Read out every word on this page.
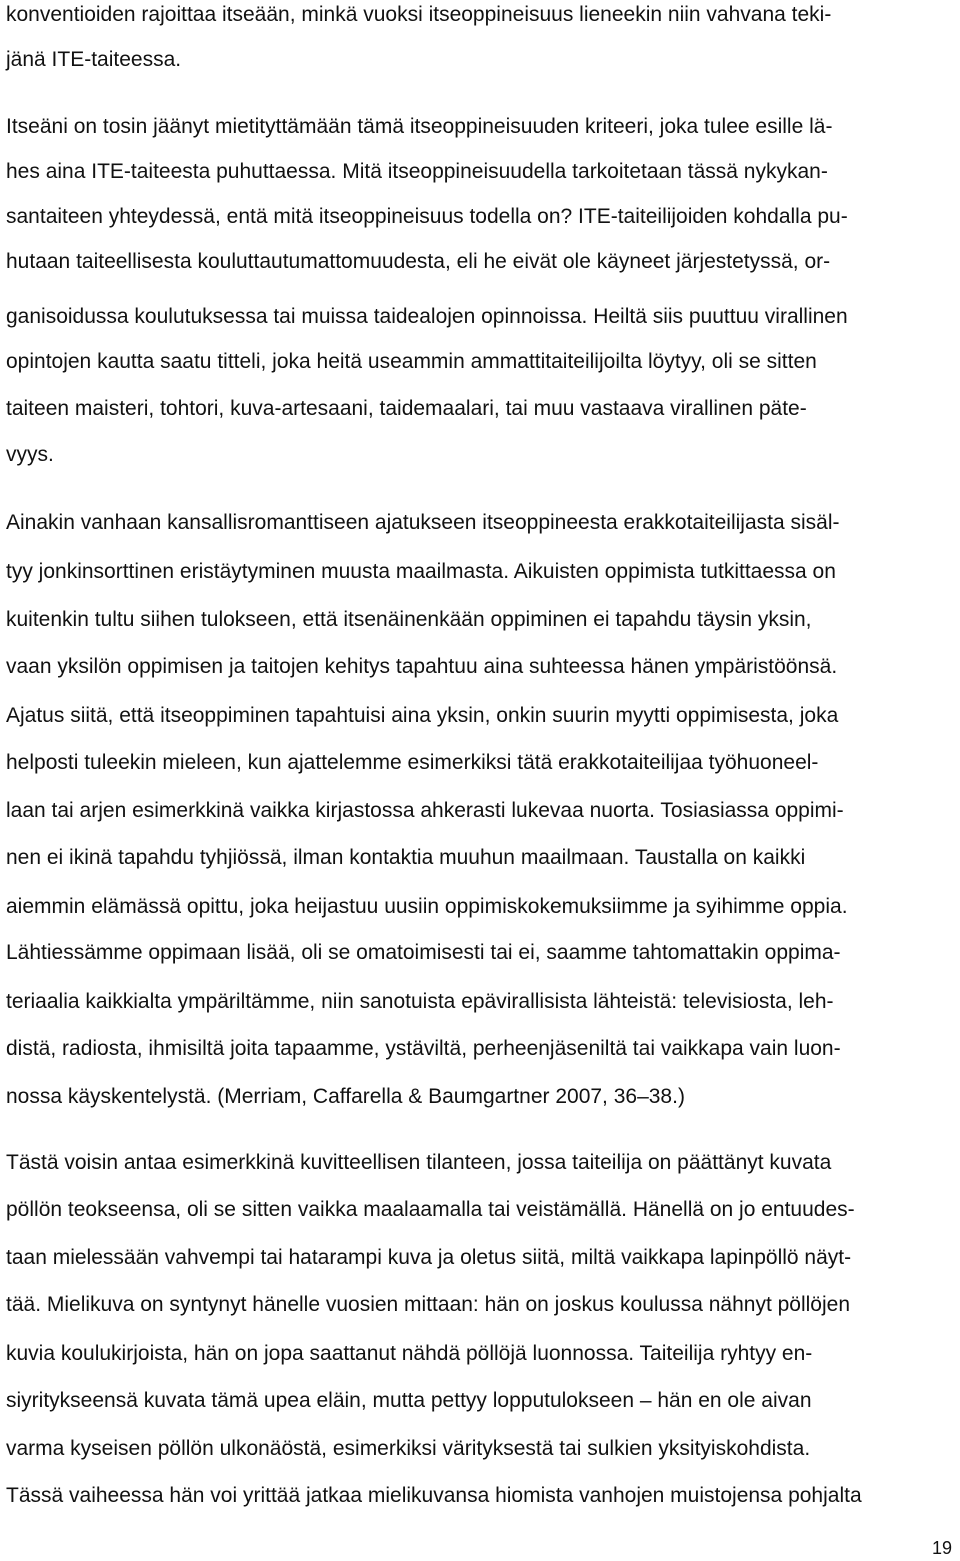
konventioiden rajoittaa itseään, minkä vuoksi itseoppineisuus lieneekin niin vahvana teki-

jänä ITE-taiteessa.

Itseäni on tosin jäänyt mietityttämään tämä itseoppineisuuden kriteeri, joka tulee esille lä-

hes aina ITE-taiteesta puhuttaessa. Mitä itseoppineisuudella tarkoitetaan tässä nykykan-

santaiteen yhteydessä, entä mitä itseoppineisuus todella on? ITE-taiteilijoiden kohdalla pu-

hutaan taiteellisesta kouluttautumattomuudesta, eli he eivät ole käyneet järjestetyssä, or-

ganisoidussa koulutuksessa tai muissa taidealojen opinnoissa. Heiltä siis puuttuu virallinen

opintojen kautta saatu titteli, joka heitä useammin ammattitaiteilijoilta löytyy, oli se sitten

taiteen maisteri, tohtori, kuva-artesaani, taidemaalari, tai muu vastaava virallinen päte-

vyys.

Ainakin vanhaan kansallisromanttiseen ajatukseen itseoppineesta erakkotaiteilijasta sisäl-

tyy jonkinsorttinen eristäytyminen muusta maailmasta. Aikuisten oppimista tutkittaessa on

kuitenkin tultu siihen tulokseen, että itsenäinenkään oppiminen ei tapahdu täysin yksin,

vaan yksilön oppimisen ja taitojen kehitys tapahtuu aina suhteessa hänen ympäristöönsä.

Ajatus siitä, että itseoppiminen tapahtuisi aina yksin, onkin suurin myytti oppimisesta, joka

helposti tuleekin mieleen, kun ajattelemme esimerkiksi tätä erakkotaiteilijaa työhuoneel-

laan tai arjen esimerkkinä vaikka kirjastossa ahkerasti lukevaa nuorta. Tosiasiassa oppimi-

nen ei ikinä tapahdu tyhjiössä, ilman kontaktia muuhun maailmaan. Taustalla on kaikki

aiemmin elämässä opittu, joka heijastuu uusiin oppimiskokemuksiimme ja syihimme oppia.

Lähtiessämme oppimaan lisää, oli se omatoimisesti tai ei, saamme tahtomattakin oppima-

teriaalia kaikkialta ympäriltämme, niin sanotuista epävirallisista lähteistä: televisiosta, leh-

distä, radiosta, ihmisiltä joita tapaamme, ystäviltä, perheenjäseniltä tai vaikkapa vain luon-

nossa käyskentelystä. (Merriam, Caffarella & Baumgartner 2007, 36–38.)

Tästä voisin antaa esimerkkinä kuvitteellisen tilanteen, jossa taiteilija on päättänyt kuvata

pöllön teokseensa, oli se sitten vaikka maalaamalla tai veistämällä. Hänellä on jo entuudes-

taan mielessään vahvempi tai hatarampi kuva ja oletus siitä, miltä vaikkapa lapinpöllö näyt-

tää. Mielikuva on syntynyt hänelle vuosien mittaan: hän on joskus koulussa nähnyt pöllöjen

kuvia koulukirjoista, hän on jopa saattanut nähdä pöllöjä luonnossa. Taiteilija ryhtyy en-

siyritykseensä kuvata tämä upea eläin, mutta pettyy lopputulokseen – hän en ole aivan

varma kyseisen pöllön ulkonäöstä, esimerkiksi värityksestä tai sulkien yksityiskohdista.

Tässä vaiheessa hän voi yrittää jatkaa mielikuvansa hiomista vanhojen muistojensa pohjalta

19
